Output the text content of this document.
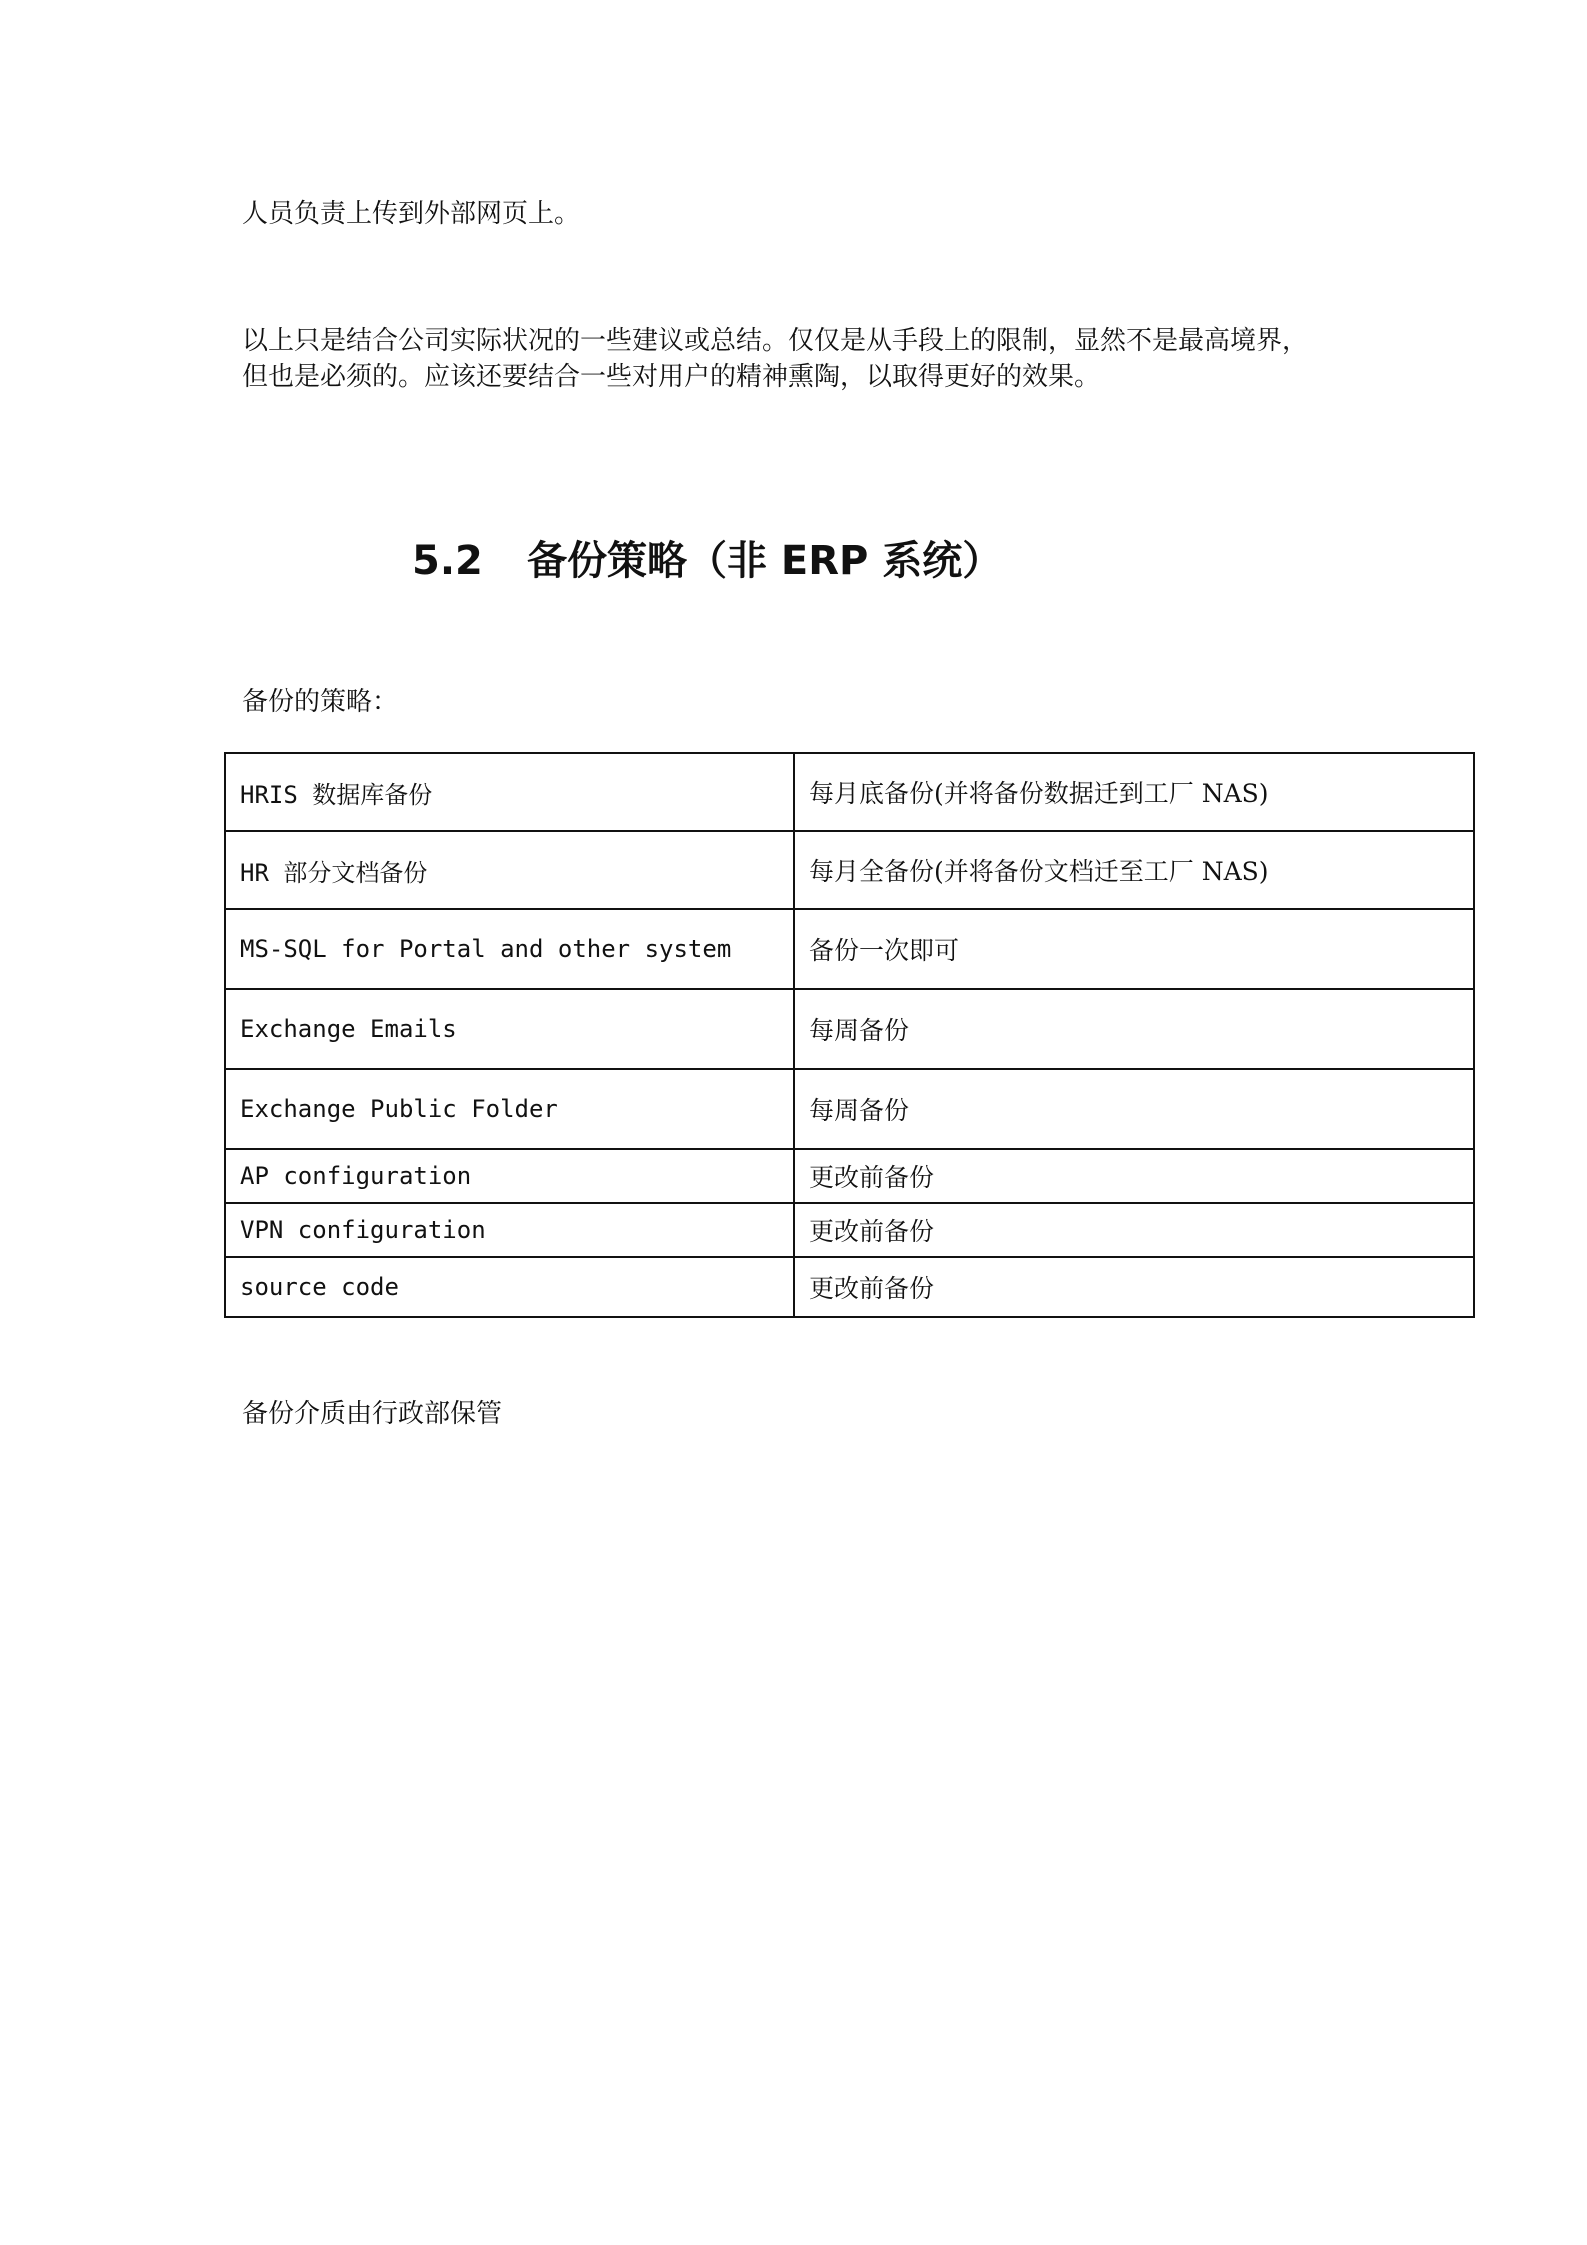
人员负责上传到外部网页上。

以上只是结合公司实际状况的一些建议或总结。仅仅是从手段上的限制，显然不是最高境界，
但也是必须的。应该还要结合一些对用户的精神熏陶，以取得更好的效果。
5.2 备份策略（非 ERP 系统）

备份的策略：

HRIS 数据库备份	每月底备份(并将备份数据迁到工厂 NAS)
HR 部分文档备份	每月全备份(并将备份文档迁至工厂 NAS)
MS-SQL for Portal and other system	备份一次即可
Exchange Emails	每周备份
Exchange Public Folder	每周备份
AP configuration	更改前备份
VPN configuration	更改前备份
source code	更改前备份

备份介质由行政部保管
